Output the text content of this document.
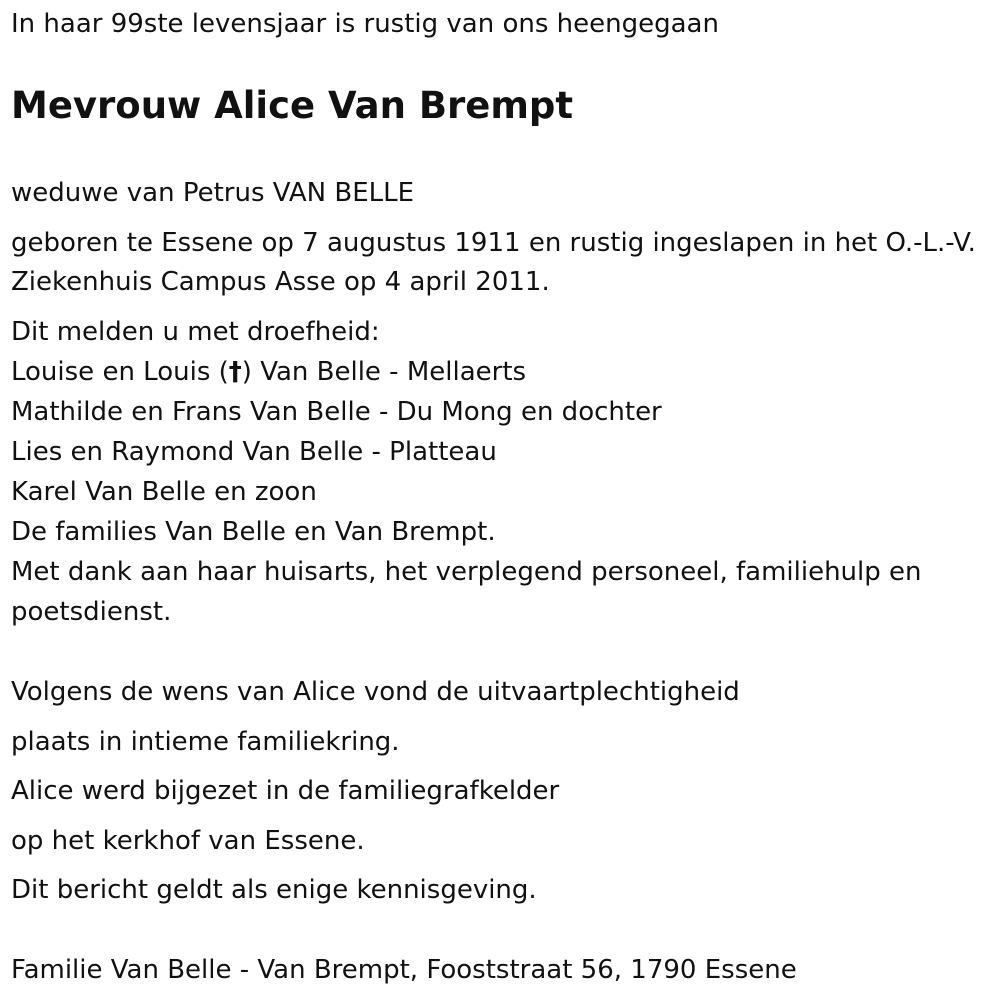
In haar 99ste levensjaar is rustig van ons heengegaan
Mevrouw Alice Van Brempt
weduwe van Petrus VAN BELLE
geboren te Essene op 7 augustus 1911 en rustig ingeslapen in het O.-L.-V.
Ziekenhuis Campus Asse op 4 april 2011.
Dit melden u met droefheid:
Louise en Louis (†) Van Belle - Mellaerts
Mathilde en Frans Van Belle - Du Mong en dochter
Lies en Raymond Van Belle - Platteau
Karel Van Belle en zoon
De families Van Belle en Van Brempt.
Met dank aan haar huisarts, het verplegend personeel, familiehulp en
poetsdienst.
Volgens de wens van Alice vond de uitvaartplechtigheid
plaats in intieme familiekring.
Alice werd bijgezet in de familiegrafkelder
op het kerkhof van Essene.
Dit bericht geldt als enige kennisgeving.
Familie Van Belle - Van Brempt, Fooststraat 56, 1790 Essene
